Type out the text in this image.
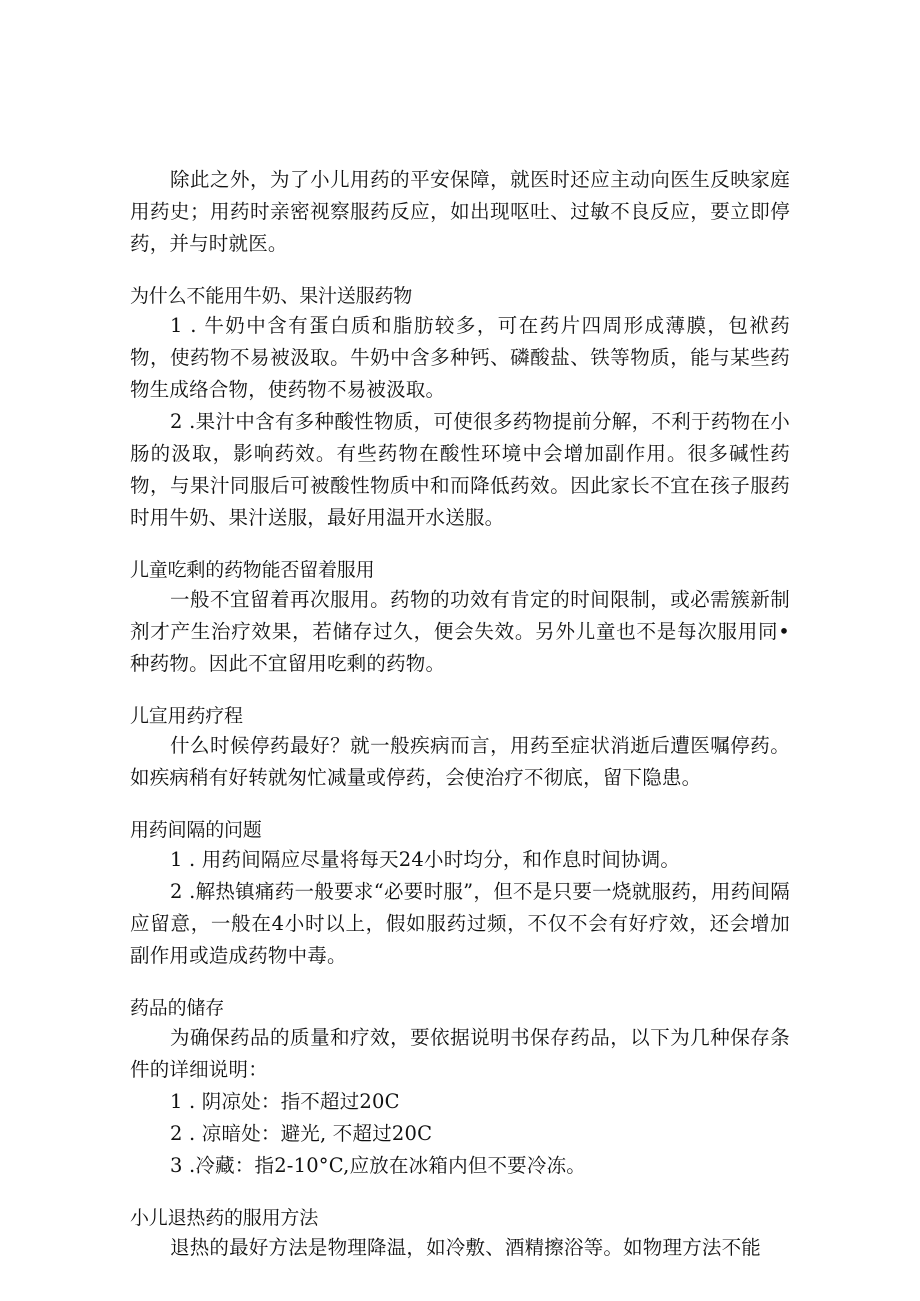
除此之外，为了小儿用药的平安保障，就医时还应主动向医生反映家庭用药史；用药时亲密视察服药反应，如出现呕吐、过敏不良反应，要立即停药，并与时就医。

为什么不能用牛奶、果汁送服药物

1 . 牛奶中含有蛋白质和脂肪较多，可在药片四周形成薄膜，包袱药物，使药物不易被汲取。牛奶中含多种钙、磷酸盐、铁等物质，能与某些药物生成络合物，使药物不易被汲取。

2 .果汁中含有多种酸性物质，可使很多药物提前分解，不利于药物在小肠的汲取，影响药效。有些药物在酸性环境中会增加副作用。很多碱性药物，与果汁同服后可被酸性物质中和而降低药效。因此家长不宜在孩子服药时用牛奶、果汁送服，最好用温开水送服。

儿童吃剩的药物能否留着服用

一般不宜留着再次服用。药物的功效有肯定的时间限制，或必需簇新制剂才产生治疗效果，若储存过久，便会失效。另外儿童也不是每次服用同•种药物。因此不宜留用吃剩的药物。

儿宣用药疗程

什么时候停药最好？就一般疾病而言，用药至症状消逝后遭医嘱停药。如疾病稍有好转就匆忙减量或停药，会使治疗不彻底，留下隐患。

用药间隔的问题

1 . 用药间隔应尽量将每天24小时均分，和作息时间协调。

2 .解热镇痛药一般要求“必要时服”，但不是只要一烧就服药，用药间隔应留意，一般在4小时以上，假如服药过频，不仅不会有好疗效，还会增加副作用或造成药物中毒。

药品的储存

为确保药品的质量和疗效，要依据说明书保存药品，以下为几种保存条件的详细说明：

1 . 阴凉处：指不超过20C

2 . 凉暗处：避光, 不超过20C

3 .冷藏：指2-10°C,应放在冰箱内但不要冷冻。

小儿退热药的服用方法

退热的最好方法是物理降温，如冷敷、酒精擦浴等。如物理方法不能
